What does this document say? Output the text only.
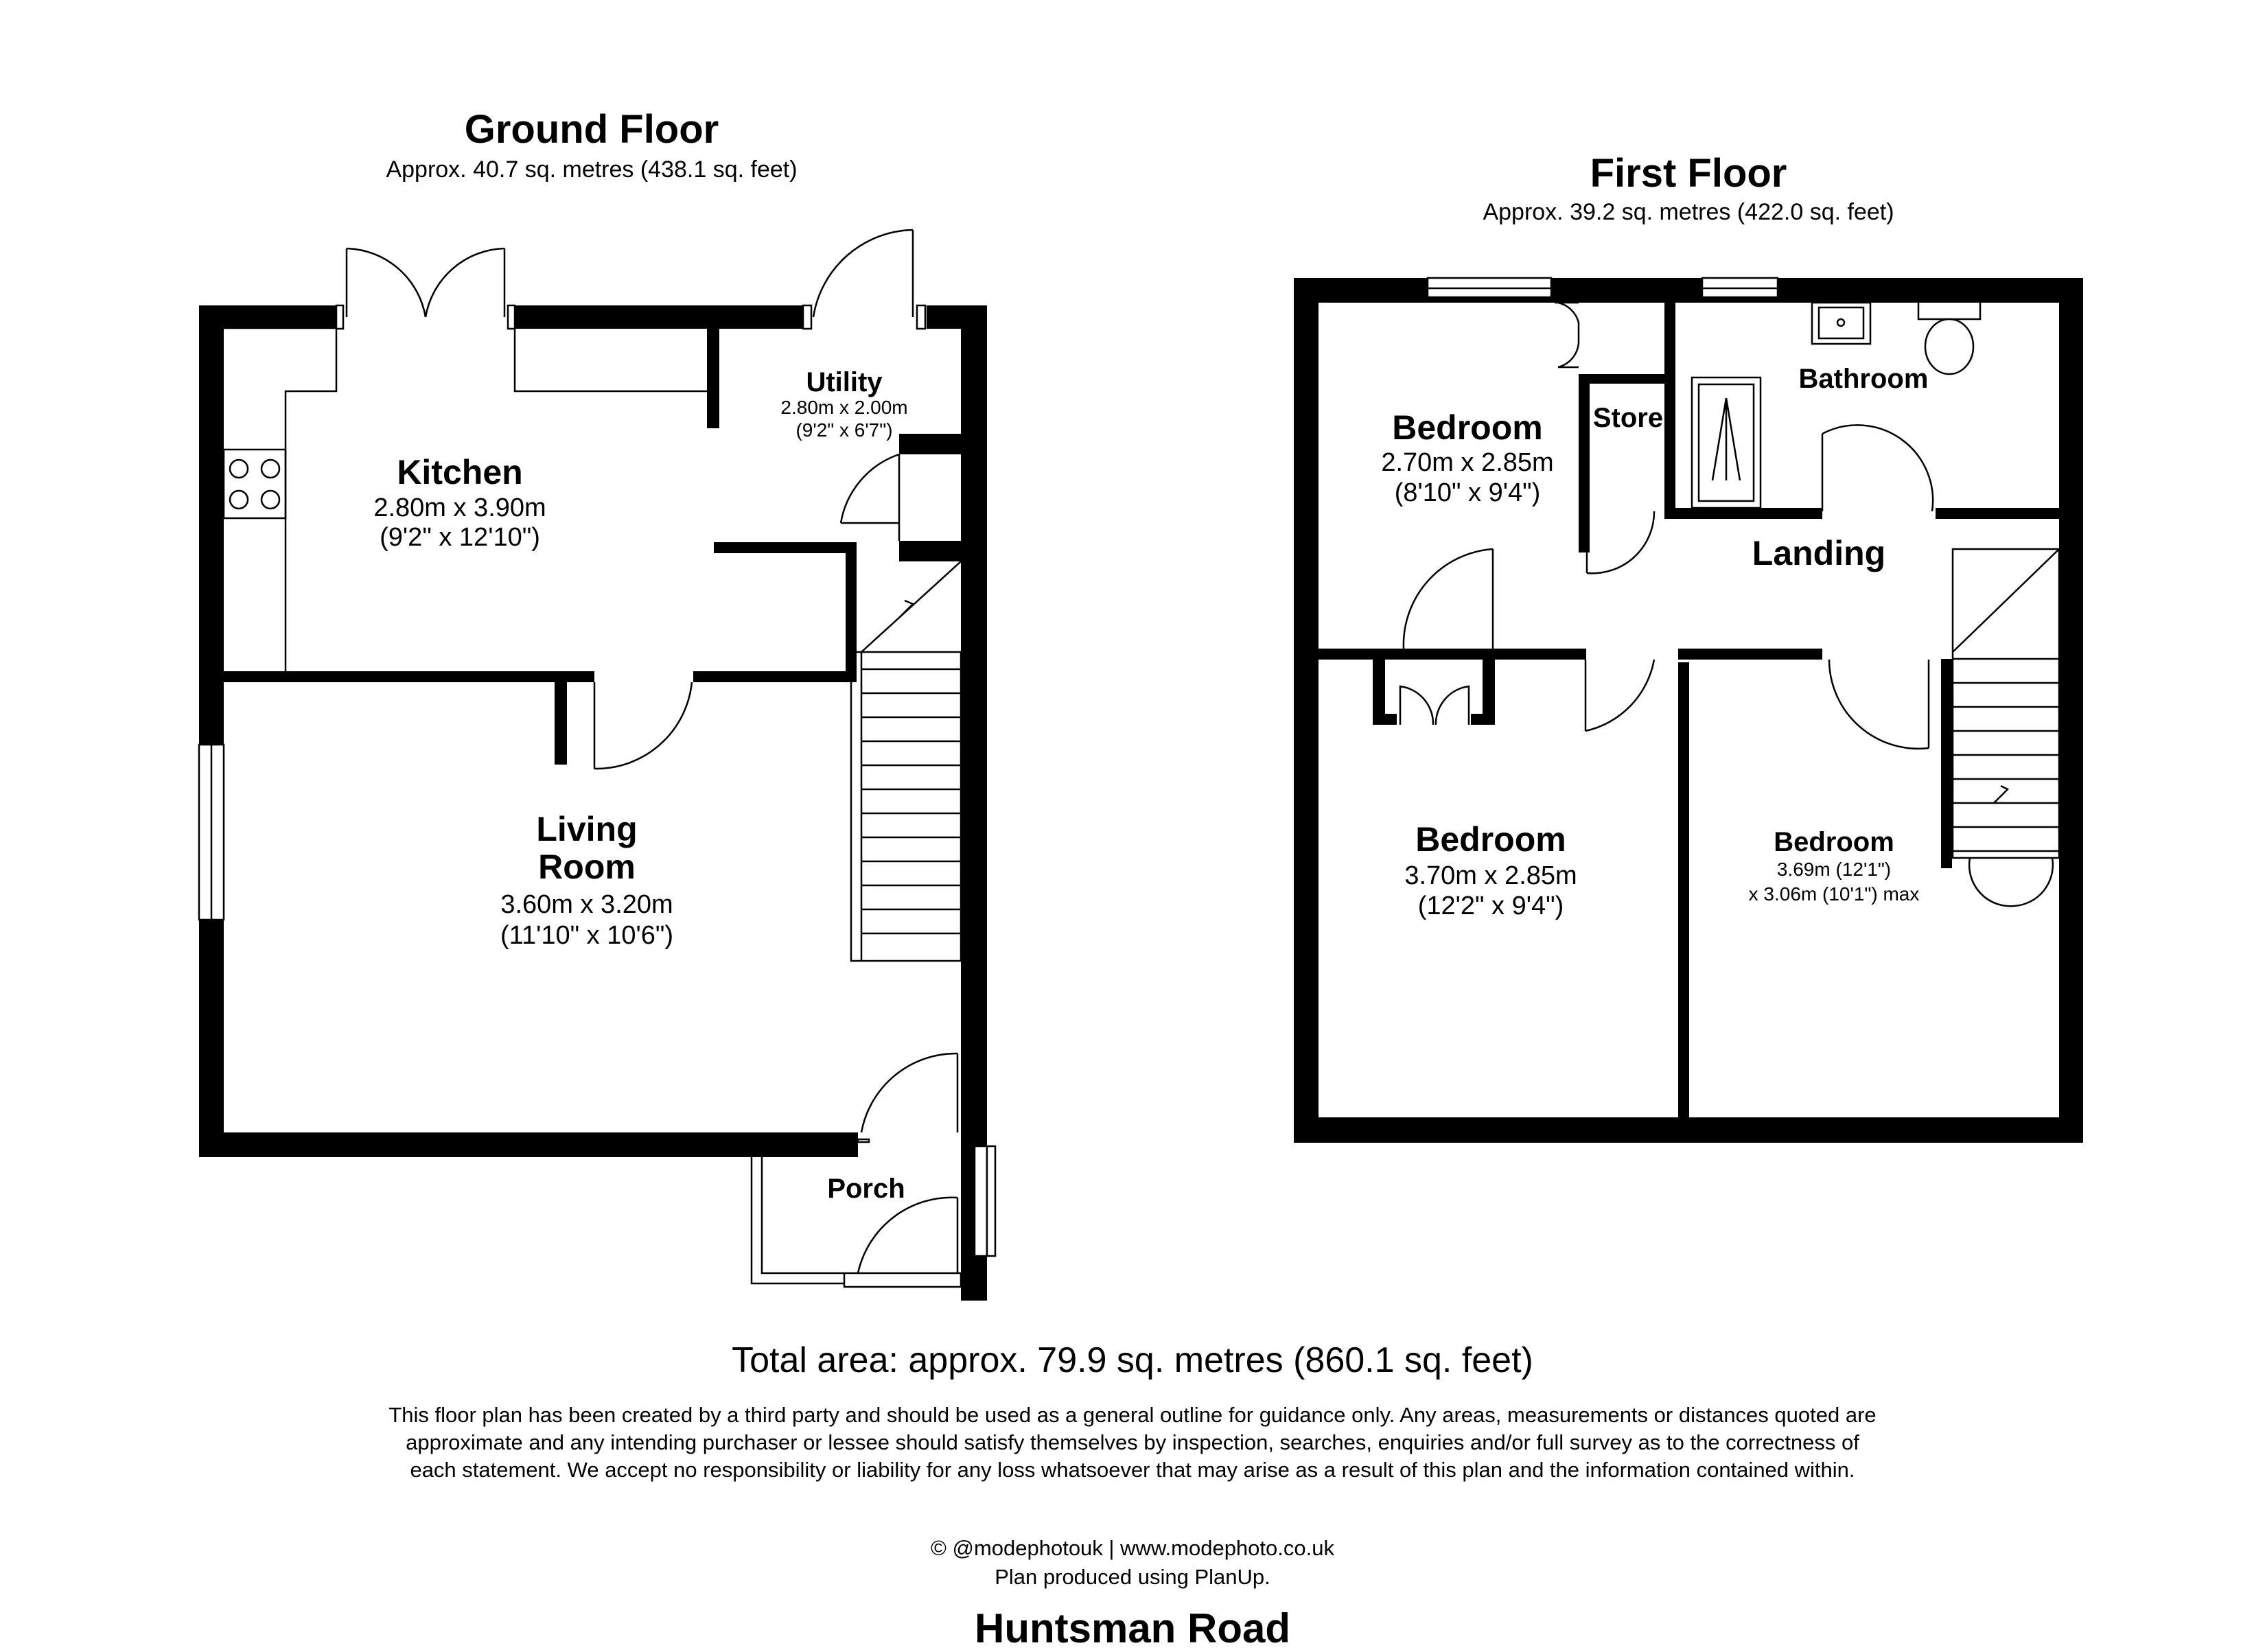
Ground Floor
Approx. 40.7 sq. metres (438.1 sq. feet)
Kitchen
2.80m x 3.90m
(9'2" x 12'10")
Utility
2.80m x 2.00m
(9'2" x 6'7")
Living
Room
3.60m x 3.20m
(11'10" x 10'6")
Porch
First Floor
Approx. 39.2 sq. metres (422.0 sq. feet)
Bedroom
2.70m x 2.85m
(8'10" x 9'4")
Store
Bathroom
Landing
Bedroom
3.70m x 2.85m
(12'2" x 9'4")
Bedroom
3.69m (12'1")
x 3.06m (10'1") max
Total area: approx. 79.9 sq. metres (860.1 sq. feet)
This floor plan has been created by a third party and should be used as a general outline for guidance only. Any areas, measurements or distances quoted are approximate and any intending purchaser or lessee should satisfy themselves by inspection, searches, enquiries and/or full survey as to the correctness of each statement. We accept no responsibility or liability for any loss whatsoever that may arise as a result of this plan and the information contained within.
© @modephotouk | www.modephoto.co.uk
Plan produced using PlanUp.
Huntsman Road
